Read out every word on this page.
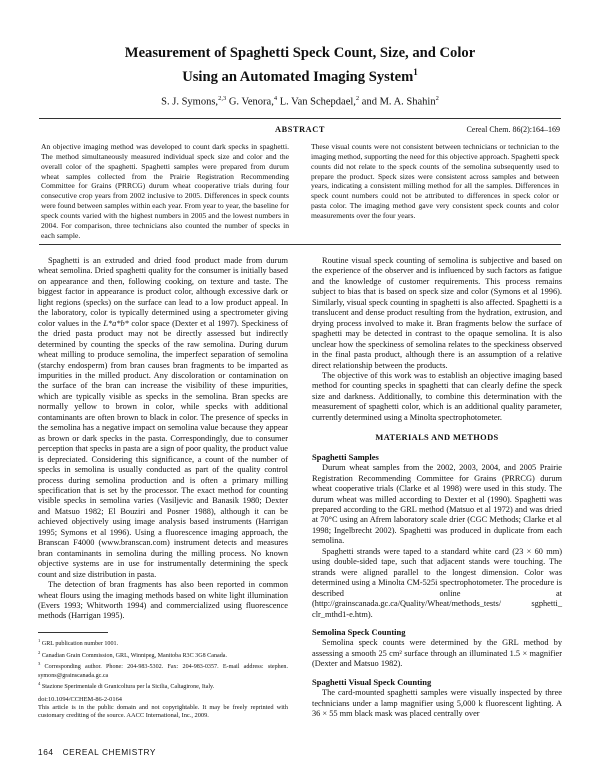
Measurement of Spaghetti Speck Count, Size, and Color
Using an Automated Imaging System$^1$

S. J. Symons,$^{2,3}$ G. Venora,$^4$ L. Van Schepdael,$^2$ and M. A. Shahin$^2$

ABSTRACT	Cereal Chem. 86(2):164–169

An objective imaging method was developed to count dark specks in spaghetti. The method simultaneously measured individual speck size and color and the overall color of the spaghetti. Spaghetti samples were prepared from durum wheat samples collected from the Prairie Registration Recommending Committee for Grains (PRRCG) durum wheat cooperative trials during four consecutive crop years from 2002 inclusive to 2005. Differences in speck counts were found between samples within each year. From year to year, the baseline for speck counts varied with the highest numbers in 2005 and the lowest numbers in 2004. For comparison, three technicians also counted the number of specks in each sample.

These visual counts were not consistent between technicians or technician to the imaging method, supporting the need for this objective approach. Spaghetti speck counts did not relate to the speck counts of the semolina subsequently used to prepare the product. Speck sizes were consistent across samples and between years, indicating a consistent milling method for all the samples. Differences in speck count numbers could not be attributed to differences in speck color or pasta color. The imaging method gave very consistent speck counts and color measurements over the four years.

Spaghetti is an extruded and dried food product made from durum wheat semolina. Dried spaghetti quality for the consumer is initially based on appearance and then, following cooking, on texture and taste. The biggest factor in appearance is product color, although excessive dark or light regions (specks) on the surface can lead to a low product appeal. In the laboratory, color is typically determined using a spectrometer giving color values in the L*a*b* color space (Dexter et al 1997). Speckiness of the dried pasta product may not be directly assessed but indirectly determined by counting the specks of the raw semolina. During durum wheat milling to produce semolina, the imperfect separation of semolina (starchy endosperm) from bran causes bran fragments to be imparted as impurities in the milled product. Any discoloration or contamination on the surface of the bran can increase the visibility of these impurities, which are typically visible as specks in the semolina. Bran specks are normally yellow to brown in color, while specks with additional contaminants are often brown to black in color. The presence of specks in the semolina has a negative impact on semolina value because they appear as brown or dark specks in the pasta. Correspondingly, due to consumer perception that specks in pasta are a sign of poor quality, the product value is depreciated. Considering this significance, a count of the number of specks in semolina is usually conducted as part of the quality control process during semolina production and is often a primary milling specification that is set by the processor. The exact method for counting visible specks in semolina varies (Vasiljevic and Banasik 1980; Dexter and Matsuo 1982; El Bouziri and Posner 1988), although it can be achieved objectively using image analysis based instruments (Harrigan 1995; Symons et al 1996). Using a fluorescence imaging approach, the Branscan F4000 (www.branscan.com) instrument detects and measures bran contaminants in semolina during the milling process. No known objective systems are in use for instrumentally determining the speck count and size distribution in pasta.

The detection of bran fragments has also been reported in common wheat flours using the imaging methods based on white light illumination (Evers 1993; Whitworth 1994) and commercialized using fluorescence methods (Harrigan 1995).

$^1$ GRL publication number 1001.

$^2$ Canadian Grain Commission, GRL, Winnipeg, Manitoba R3C 3G8 Canada.

$^3$ Corresponding author. Phone: 204-983-5302. Fax: 204-983-0357. E-mail address: stephen. symons@grainscanada.gc.ca

$^4$ Stazione Sperimentale di Granicoltura per la Sicilia, Caltagirone, Italy.

doi:10.1094/CCHEM-86-2-0164

This article is in the public domain and not copyrightable. It may be freely reprinted with customary crediting of the source. AACC International, Inc., 2009.

Routine visual speck counting of semolina is subjective and based on the experience of the observer and is influenced by such factors as fatigue and the knowledge of customer requirements. This process remains subject to bias that is based on speck size and color (Symons et al 1996). Similarly, visual speck counting in spaghetti is also affected. Spaghetti is a translucent and dense product resulting from the hydration, extrusion, and drying process involved to make it. Bran fragments below the surface of spaghetti may be detected in contrast to the opaque semolina. It is also unclear how the speckiness of semolina relates to the speckiness observed in the final pasta product, although there is an assumption of a relative direct relationship between the products.

The objective of this work was to establish an objective imaging based method for counting specks in spaghetti that can clearly define the speck size and darkness. Additionally, to combine this determination with the measurement of spaghetti color, which is an additional quality parameter, currently determined using a Minolta spectrophotometer.

MATERIALS AND METHODS
Spaghetti Samples

Durum wheat samples from the 2002, 2003, 2004, and 2005 Prairie Registration Recommending Committee for Grains (PRRCG) durum wheat cooperative trials (Clarke et al 1998) were used in this study. The durum wheat was milled according to Dexter et al (1990). Spaghetti was prepared according to the GRL method (Matsuo et al 1972) and was dried at 70°C using an Afrem laboratory scale drier (CGC Methods; Clarke et al 1998; Ingelbrecht 2002). Spaghetti was produced in duplicate from each semolina.

Spaghetti strands were taped to a standard white card (23 × 60 mm) using double-sided tape, such that adjacent stands were touching. The strands were aligned parallel to the longest dimension. Color was determined using a Minolta CM-525i spectrophotometer. The procedure is described online at (http://grainscanada.gc.ca/Quality/Wheat/methods_tests/ sgphetti_ clr_mthd1-e.htm).

Semolina Speck Counting

Semolina speck counts were determined by the GRL method by assessing a smooth 25 cm² surface through an illuminated 1.5 × magnifier (Dexter and Matsuo 1982).

Spaghetti Visual Speck Counting

The card-mounted spaghetti samples were visually inspected by three technicians under a lamp magnifier using 5,000 k fluorescent lighting. A 36 × 55 mm black mask was placed centrally over

164 CEREAL CHEMISTRY
